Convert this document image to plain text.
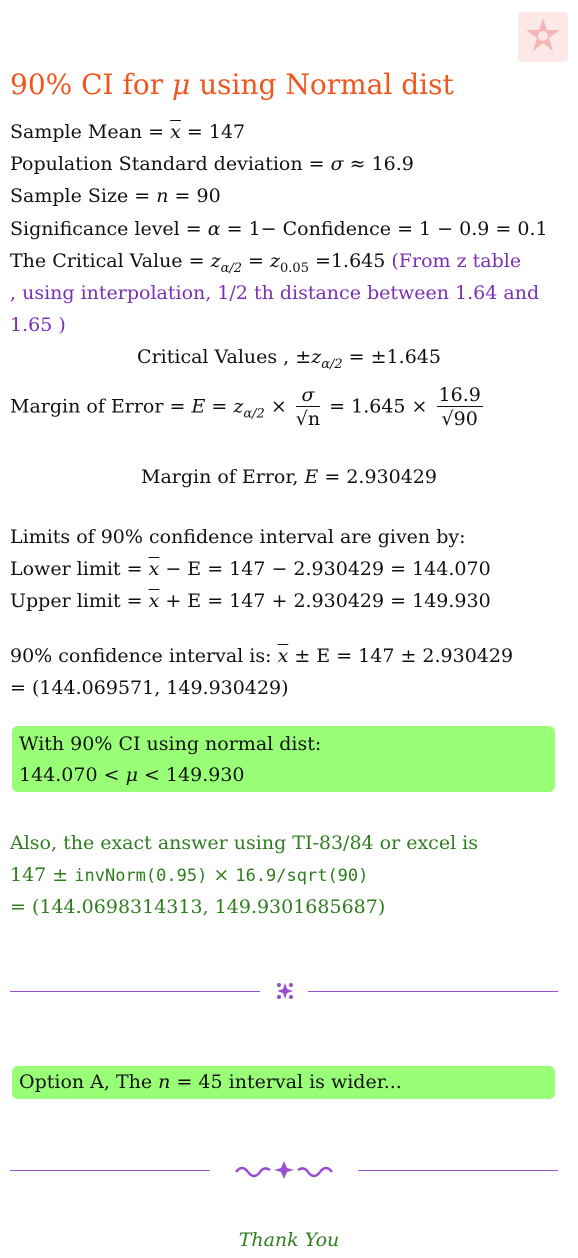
90% CI for μ using Normal dist
Sample Mean = $\overline{x} = 147$
Population Standard deviation = σ ≈ 16.9
Sample Size = n = 90
Significance level = α = 1− Confidence = 1 − 0.9 = 0.1
The Critical Value = $z_{\alpha/2} = z_{0.05} =1.645$ (From z table
, using interpolation, 1/2 th distance between 1.64 and
1.65 )
Critical Values , $\pm z_{\alpha/2} = \pm 1.645$
Margin of Error = $E = z_{\alpha/2} \times \frac{\sigma}{√n} = 1.645 \times \frac{16.9}{√90}$
Margin of Error, E = 2.930429
Limits of 90% confidence interval are given by:
Lower limit = $\overline{x} - E = 147 - 2.930429 = 144.070$
Upper limit = $\overline{x} + E = 147 + 2.930429 = 149.930$
90% confidence interval is: $\overline{x} \pm E = 147 \pm 2.930429$
= (144.069571, 149.930429)
With 90% CI using normal dist:
144.070 < μ < 149.930
Also, the exact answer using TI-83/84 or excel is
147 ± invNorm(0.95) × 16.9/sqrt(90)
= (144.0698314313, 149.9301685687)
Option A, The n = 45 interval is wider...
Thank You
